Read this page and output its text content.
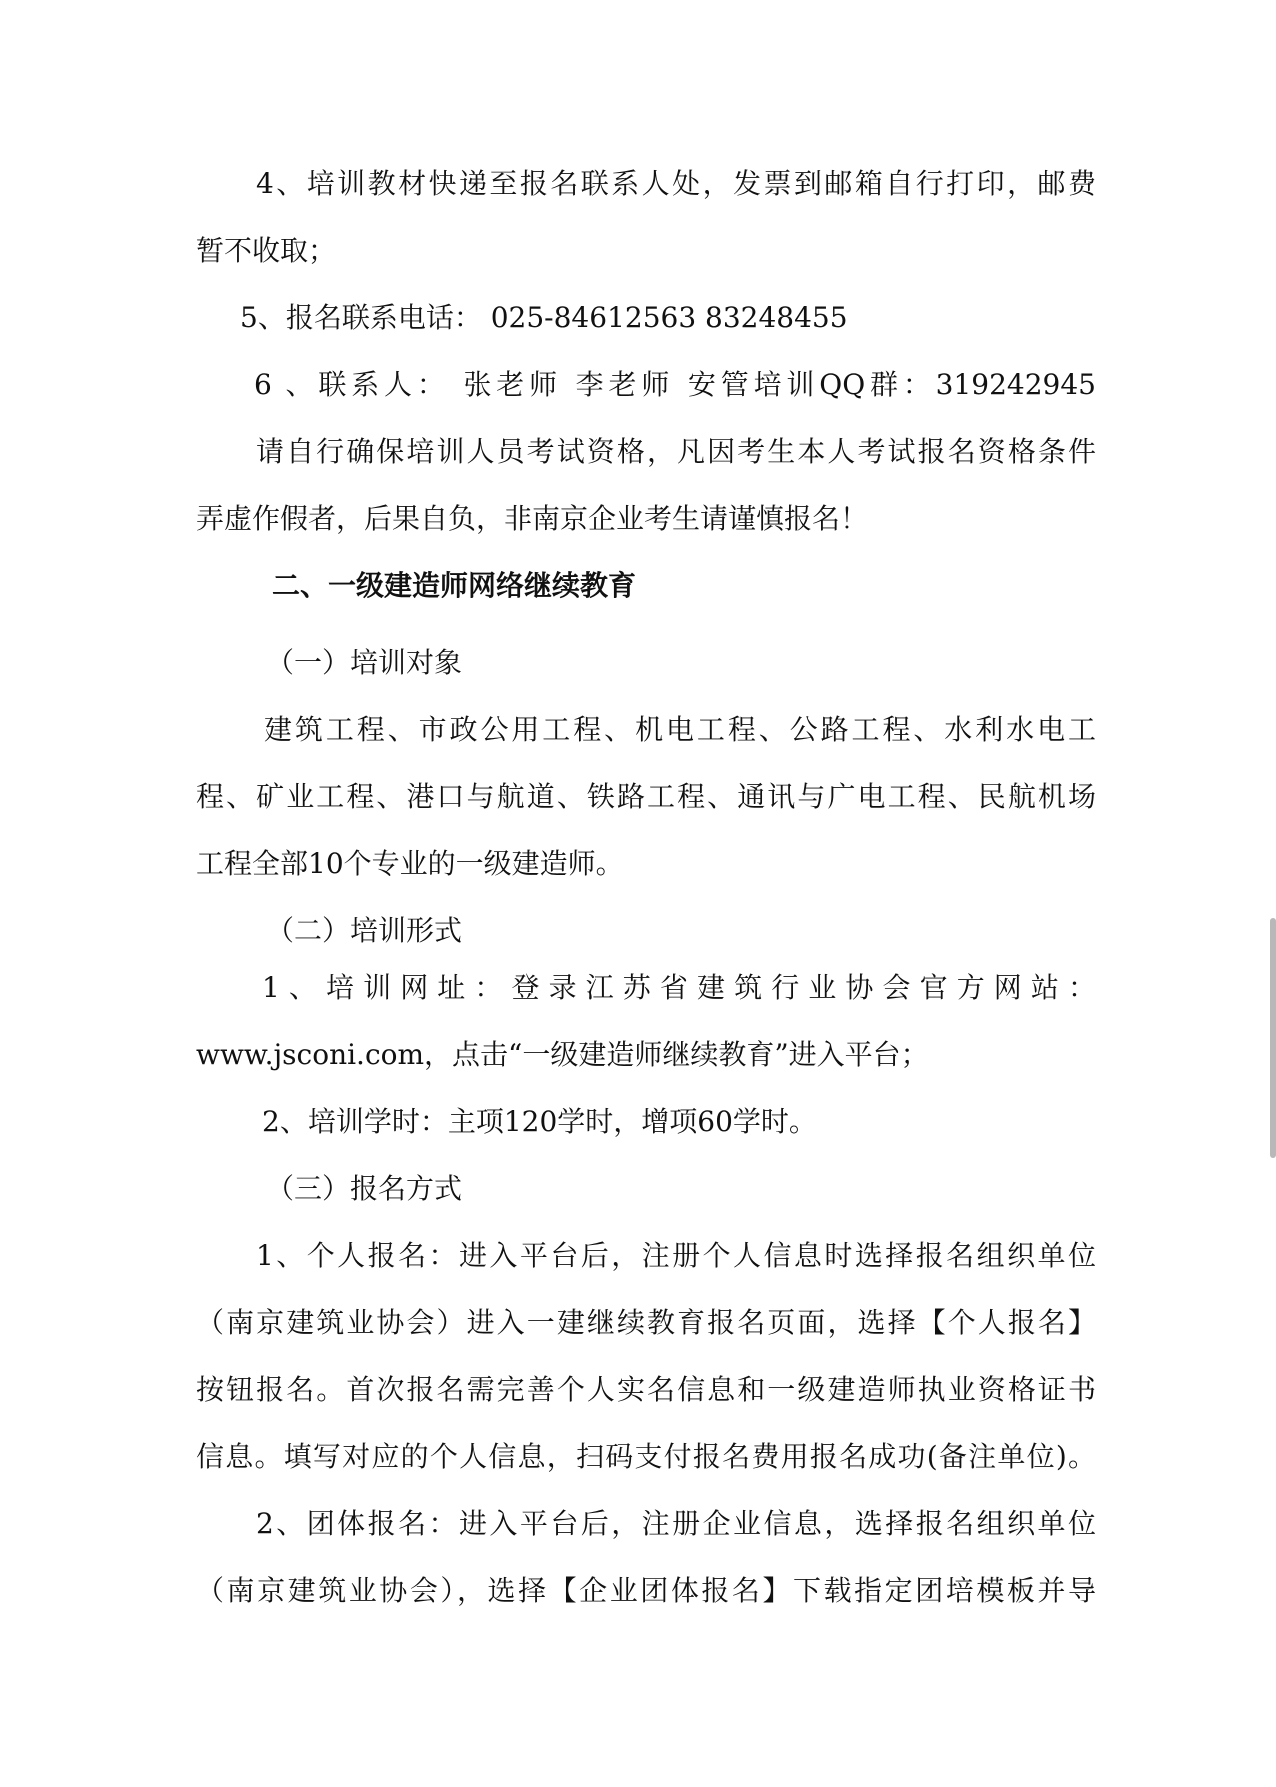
4、培训教材快递至报名联系人处，发票到邮箱自行打印，邮费
暂不收取；
5、报名联系电话： 025-84612563 83248455
6 、联系人： 张老师 李老师 安管培训QQ群：319242945
请自行确保培训人员考试资格，凡因考生本人考试报名资格条件
弄虚作假者，后果自负，非南京企业考生请谨慎报名！
二、一级建造师网络继续教育
（一）培训对象
建筑工程、市政公用工程、机电工程、公路工程、水利水电工
程、矿业工程、港口与航道、铁路工程、通讯与广电工程、民航机场
工程全部10个专业的一级建造师。
（二）培训形式
1、培训网址：登录江苏省建筑行业协会官方网站：
www.jsconi.com，点击“一级建造师继续教育”进入平台；
2、培训学时：主项120学时，增项60学时。
（三）报名方式
1、个人报名：进入平台后，注册个人信息时选择报名组织单位
（南京建筑业协会）进入一建继续教育报名页面，选择【个人报名】
按钮报名。首次报名需完善个人实名信息和一级建造师执业资格证书
信息。填写对应的个人信息，扫码支付报名费用报名成功(备注单位)。
2、团体报名：进入平台后，注册企业信息，选择报名组织单位
（南京建筑业协会），选择【企业团体报名】下载指定团培模板并导
